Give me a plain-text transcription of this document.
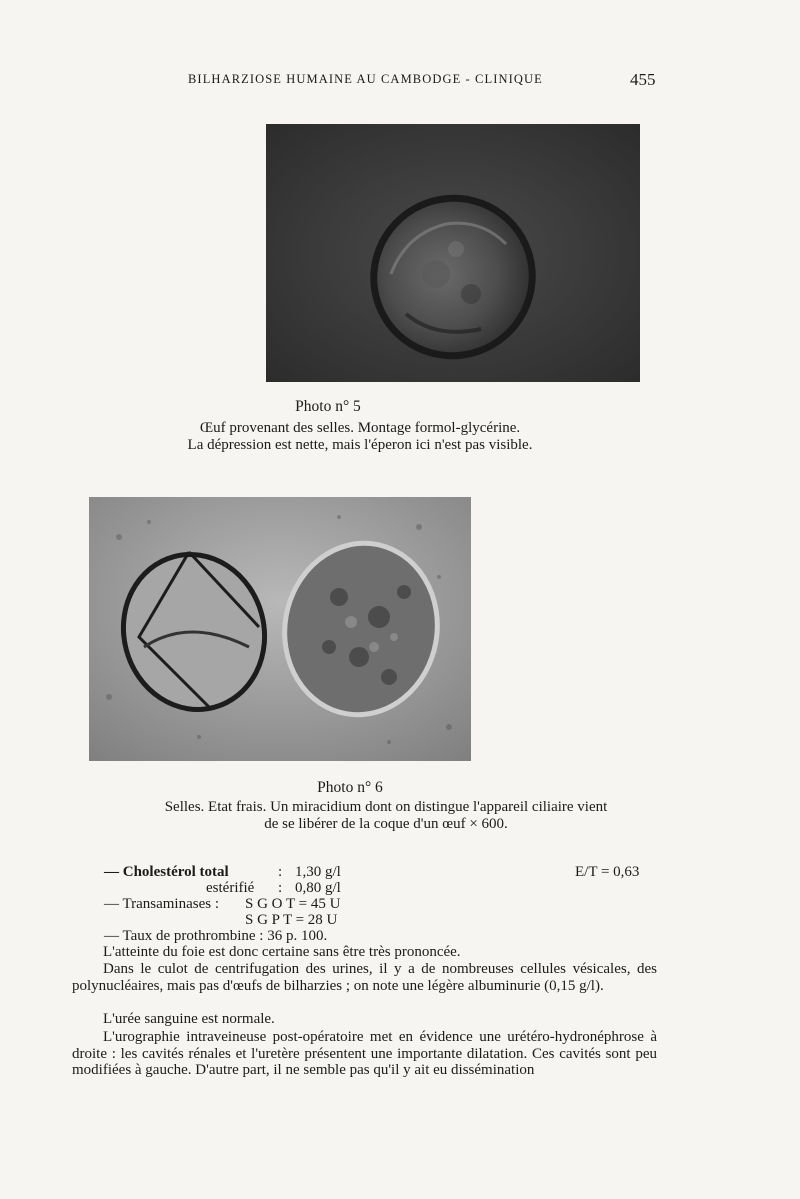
BILHARZIOSE HUMAINE AU CAMBODGE - CLINIQUE	455
Photo n° 5
Œuf provenant des selles. Montage formol-glycérine.
La dépression est nette, mais l'éperon ici n'est pas visible.
Photo n° 6
Selles. Etat frais. Un miracidium dont on distingue l'appareil ciliaire vient
de se libérer de la coque d'un œuf × 600.
— Cholestérol total	: 1,30 g/l	E/T = 0,63
estérifié : 0,80 g/l
— Transaminases : S G O T = 45 U
S G P T = 28 U
— Taux de prothrombine : 36 p. 100.
L'atteinte du foie est donc certaine sans être très prononcée.
Dans le culot de centrifugation des urines, il y a de nombreuses cellules vésicales, des polynucléaires, mais pas d'œufs de bilharzies ; on note une légère albuminurie (0,15 g/l).
L'urée sanguine est normale.
L'urographie intraveineuse post-opératoire met en évidence une urétéro-hydronéphrose à droite : les cavités rénales et l'uretère présentent une importante dilatation. Ces cavités sont peu modifiées à gauche. D'autre part, il ne semble pas qu'il y ait eu dissémination
